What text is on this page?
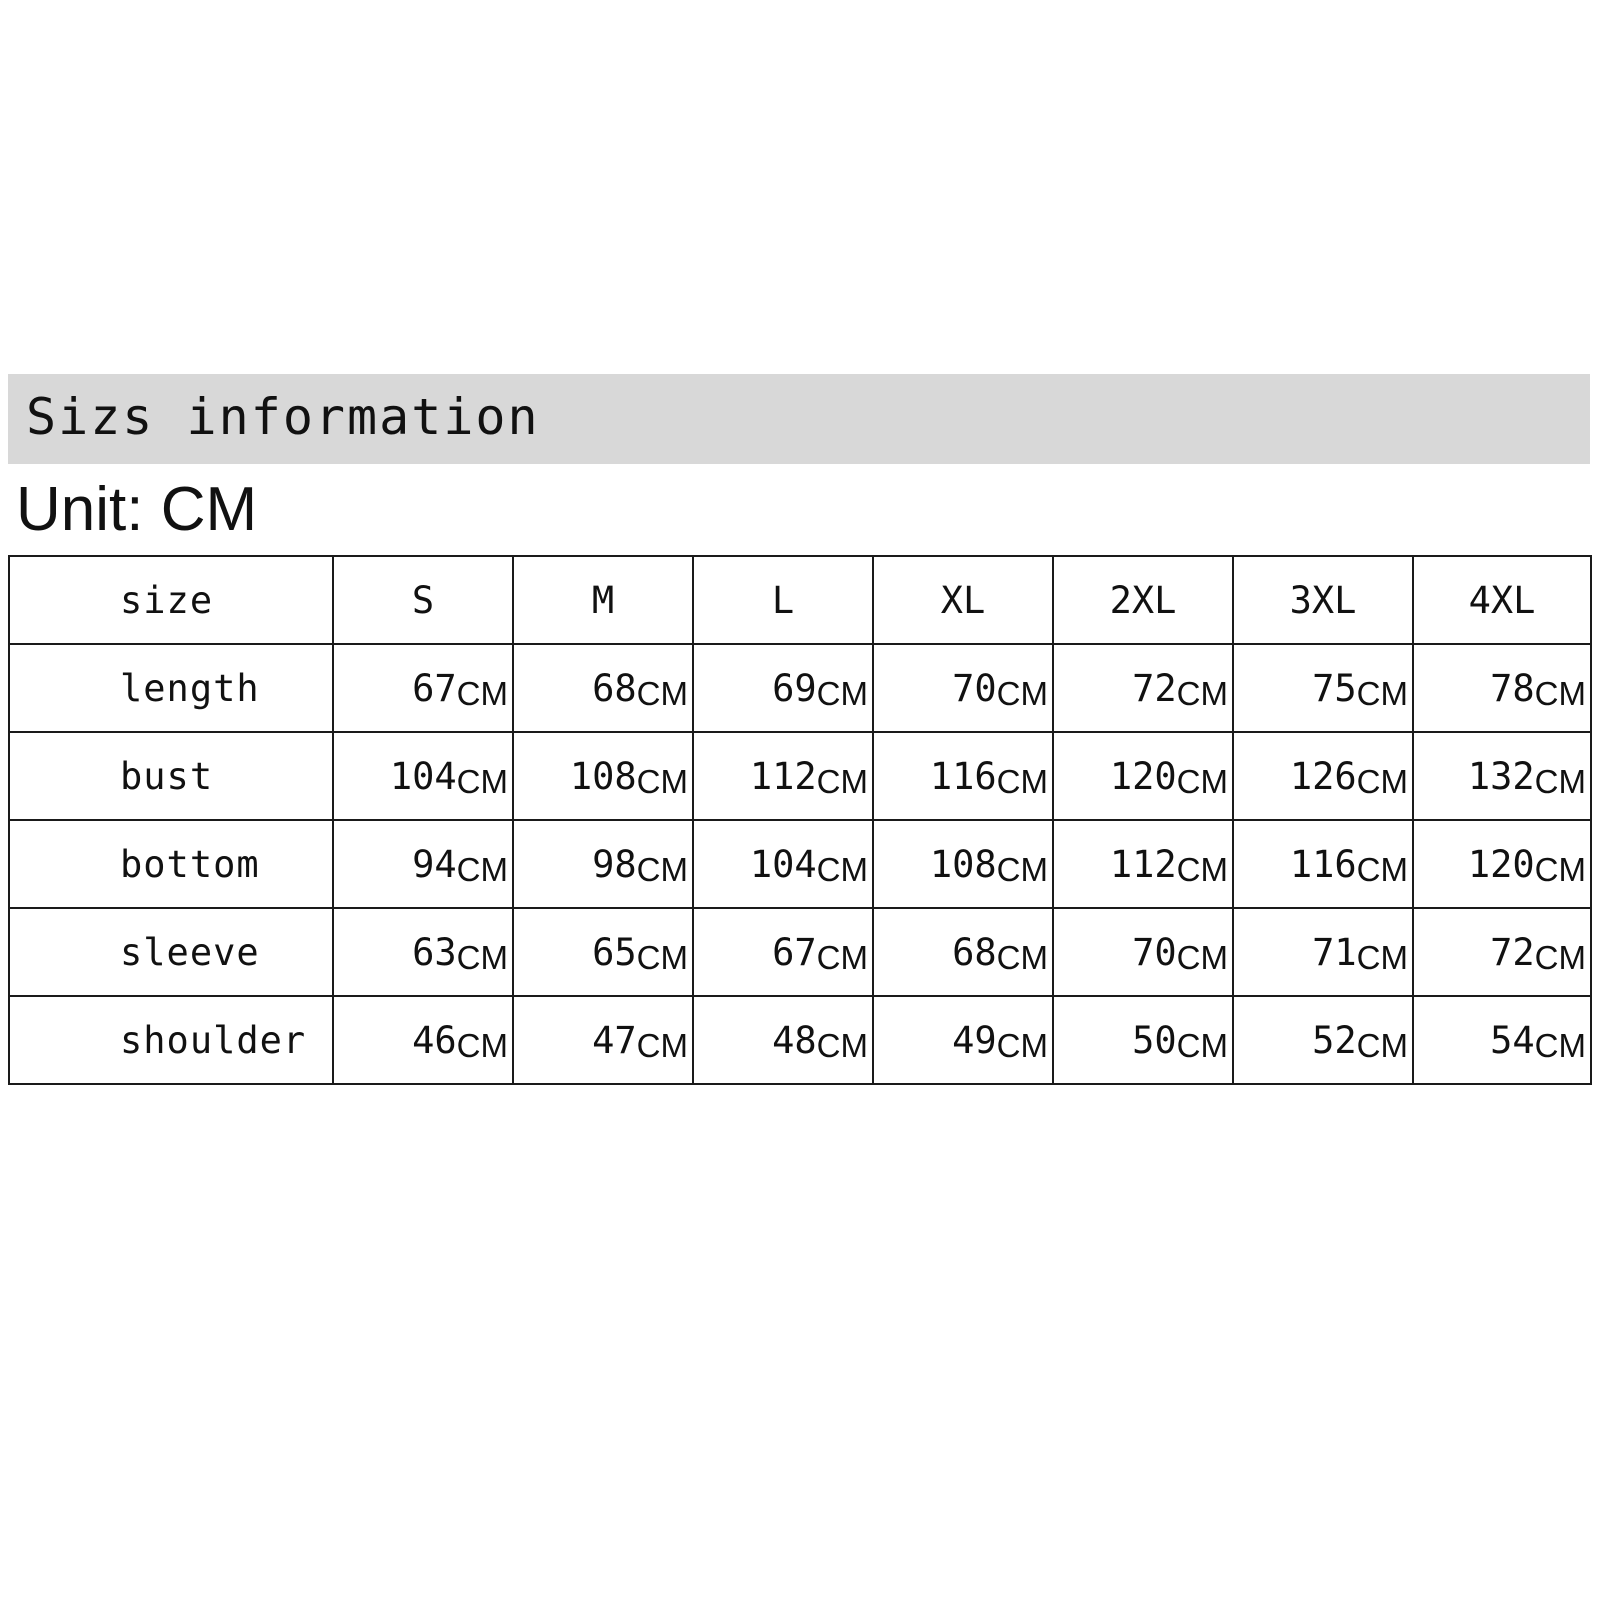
Sizs information
Unit: CM
size	S	M	L	XL	2XL	3XL	4XL
length	67CM	68CM	69CM	70CM	72CM	75CM	78CM
bust	104CM	108CM	112CM	116CM	120CM	126CM	132CM
bottom	94CM	98CM	104CM	108CM	112CM	116CM	120CM
sleeve	63CM	65CM	67CM	68CM	70CM	71CM	72CM
shoulder	46CM	47CM	48CM	49CM	50CM	52CM	54CM
